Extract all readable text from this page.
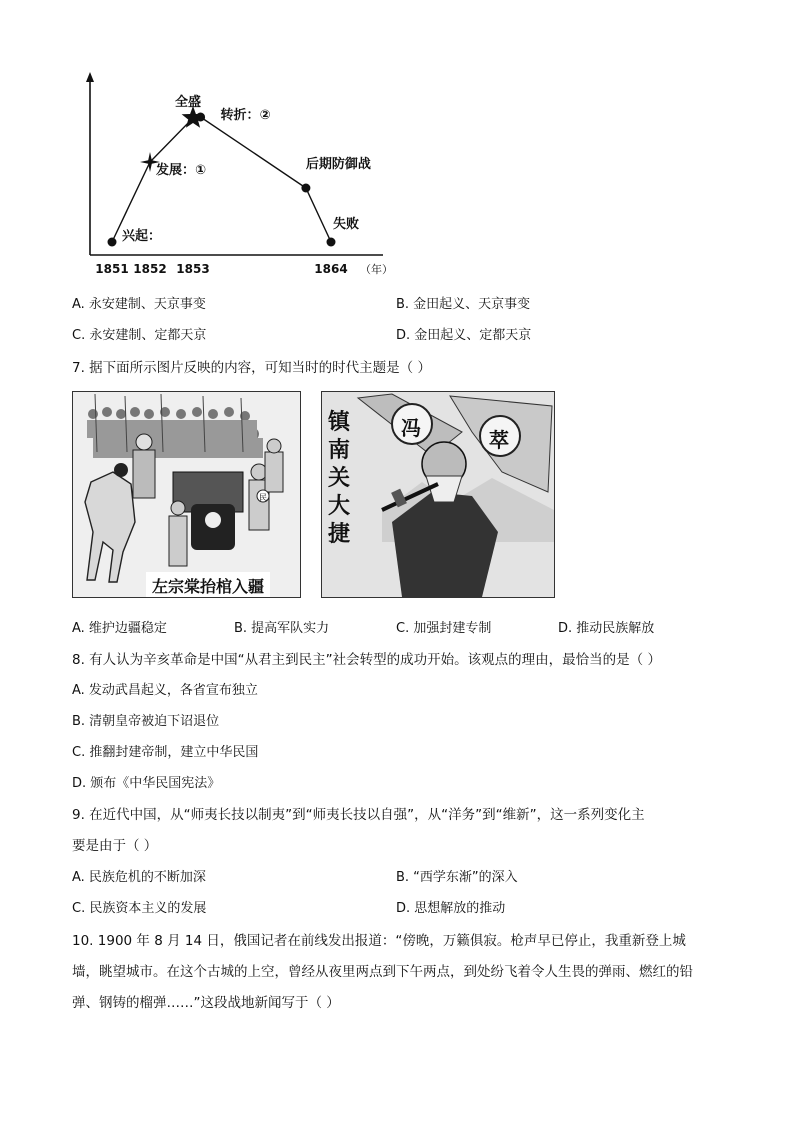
兴起：
发展：①
全盛
转折：②
后期防御战
失败
1851 1852 1853	1864 （年）
A. 永安建制、天京事变	B. 金田起义、天京事变
C. 永安建制、定都天京	D. 金田起义、定都天京
7. 据下面所示图片反映的内容，可知当时的时代主题是（ ）
民
左宗棠抬棺入疆
镇
南
关
大
捷
冯	萃
A. 维护边疆稳定	B. 提高军队实力	C. 加强封建专制	D. 推动民族解放
8. 有人认为辛亥革命是中国“从君主到民主”社会转型的成功开始。该观点的理由，最恰当的是（ ）
A. 发动武昌起义，各省宣布独立
B. 清朝皇帝被迫下诏退位
C. 推翻封建帝制，建立中华民国
D. 颁布《中华民国宪法》
9. 在近代中国，从“师夷长技以制夷”到“师夷长技以自强”，从“洋务”到“维新”，这一系列变化主
要是由于（ ）
A. 民族危机的不断加深	B. “西学东渐”的深入
C. 民族资本主义的发展	D. 思想解放的推动
10. 1900 年 8 月 14 日，俄国记者在前线发出报道：“傍晚，万籁俱寂。枪声早已停止，我重新登上城
墙，眺望城市。在这个古城的上空，曾经从夜里两点到下午两点，到处纷飞着令人生畏的弹雨、燃红的铅
弹、钢铸的榴弹……”这段战地新闻写于（ ）
